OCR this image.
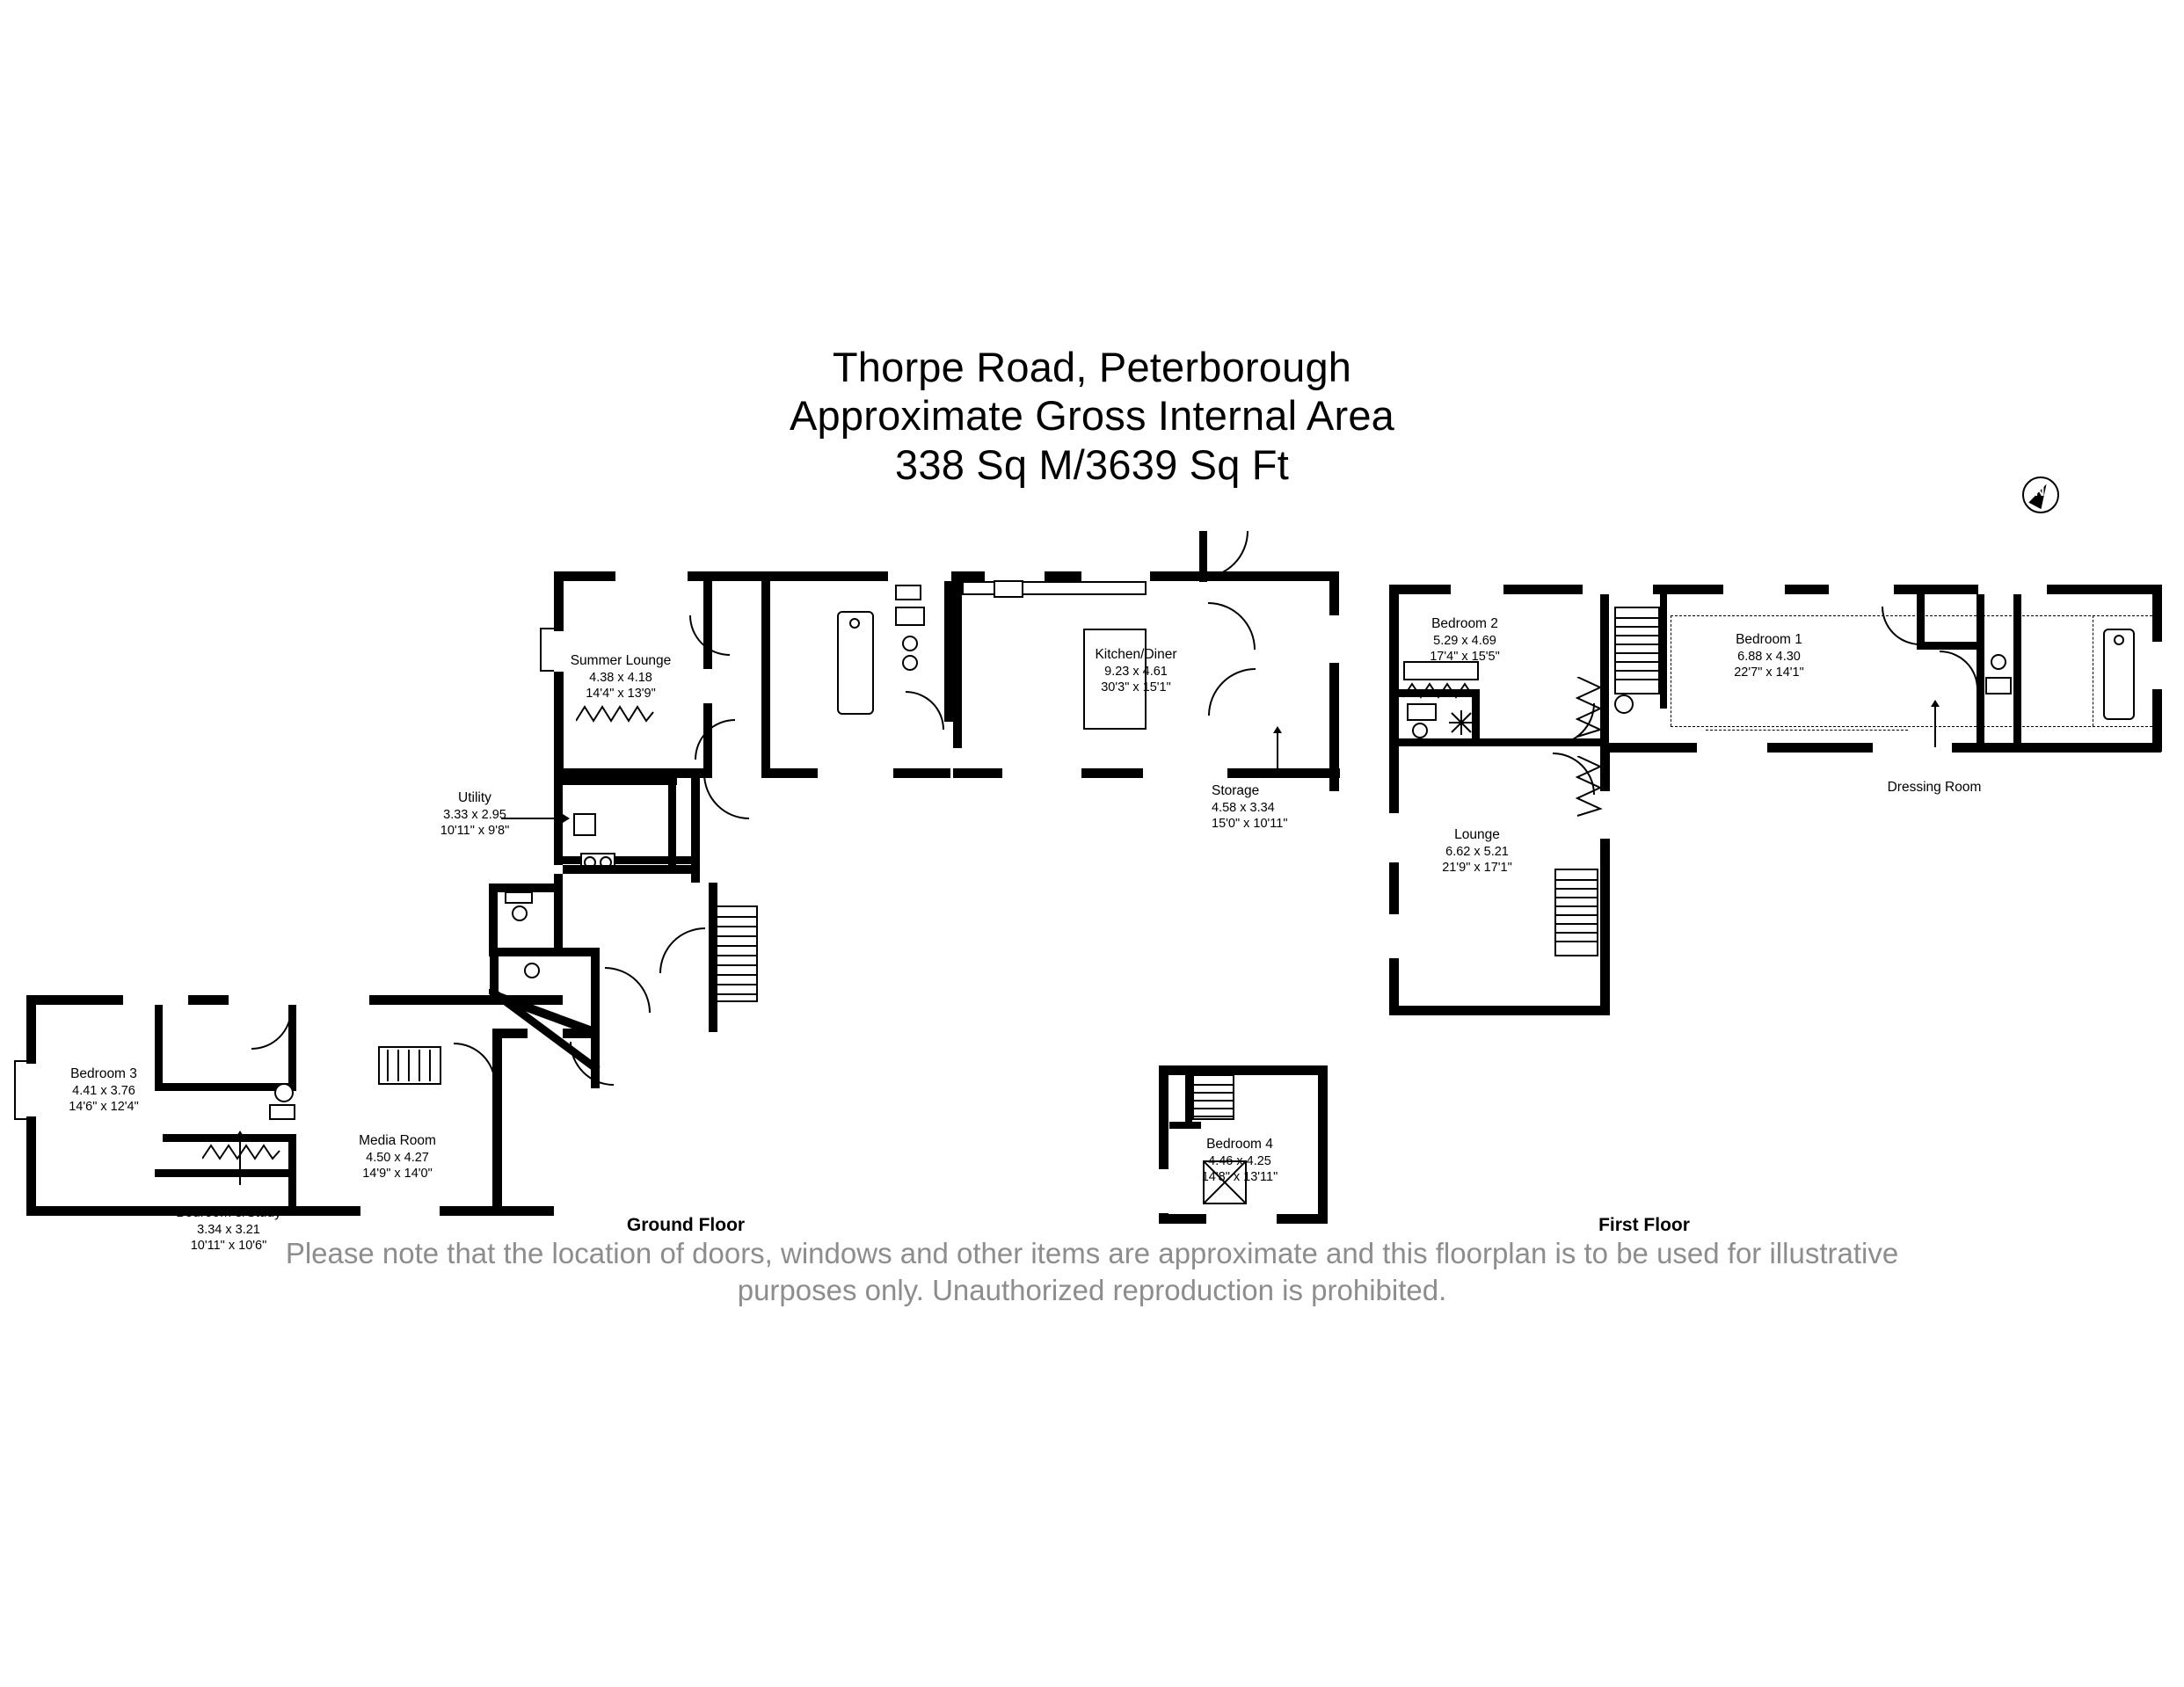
Thorpe Road, Peterborough
Approximate Gross Internal Area
338 Sq M/3639 Sq Ft
N
Summer Lounge
4.38 x 4.18
14'4" x 13'9"
Kitchen/Diner
9.23 x 4.61
30'3" x 15'1"
Storage
4.58 x 3.34
15'0" x 10'11"
Utility
3.33 x 2.95
10'11" x 9'8"
Bedroom 3
4.41 x 3.76
14'6" x 12'4"
Bedroom 5/Study
3.34 x 3.21
10'11" x 10'6"
Media Room
4.50 x 4.27
14'9" x 14'0"
Ground Floor
Bedroom 4
4.46 x 4.25
14'8" x 13'11"
Bedroom 2
5.29 x 4.69
17'4" x 15'5"
Bedroom 1
6.88 x 4.30
22'7" x 14'1"
Lounge
6.62 x 5.21
21'9" x 17'1"
Dressing Room
First Floor
Please note that the location of doors, windows and other items are approximate and this floorplan is to be used for illustrative
purposes only. Unauthorized reproduction is prohibited.
